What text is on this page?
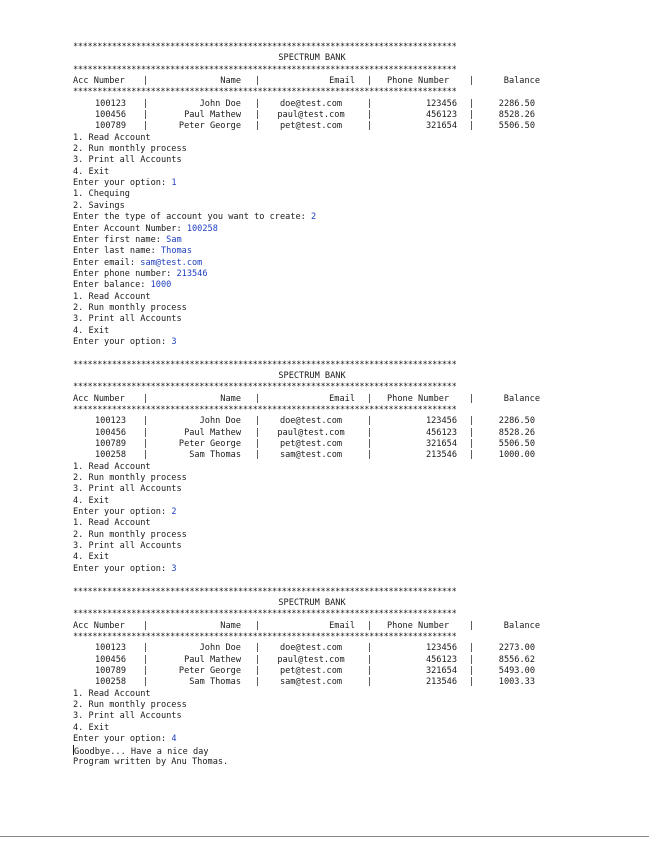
*******************************************************************************
SPECTRUM BANK
*******************************************************************************
Acc Number	|	Name |	Email | Phone Number	|	Balance
*******************************************************************************
100123	|	John Doe |	doe@test.com	|	123456 |	2286.50
100456	|	Paul Mathew |	paul@test.com	|	456123 |	8528.26
100789	|	Peter George |	pet@test.com	|	321654 |	5506.50
1. Read Account
2. Run monthly process
3. Print all Accounts
4. Exit
Enter your option: 1
1. Chequing
2. Savings
Enter the type of account you want to create: 2
Enter Account Number: 100258
Enter first name: Sam
Enter last name: Thomas
Enter email: sam@test.com
Enter phone number: 213546
Enter balance: 1000
1. Read Account
2. Run monthly process
3. Print all Accounts
4. Exit
Enter your option: 3
*******************************************************************************
SPECTRUM BANK
*******************************************************************************
Acc Number	|	Name |	Email | Phone Number	|	Balance
*******************************************************************************
100123	|	John Doe |	doe@test.com	|	123456 |	2286.50
100456	|	Paul Mathew |	paul@test.com	|	456123 |	8528.26
100789	|	Peter George |	pet@test.com	|	321654 |	5506.50
100258	|	Sam Thomas |	sam@test.com	|	213546 |	1000.00
1. Read Account
2. Run monthly process
3. Print all Accounts
4. Exit
Enter your option: 2
1. Read Account
2. Run monthly process
3. Print all Accounts
4. Exit
Enter your option: 3
*******************************************************************************
SPECTRUM BANK
*******************************************************************************
Acc Number	|	Name |	Email | Phone Number	|	Balance
*******************************************************************************
100123	|	John Doe |	doe@test.com	|	123456 |	2273.00
100456	|	Paul Mathew |	paul@test.com	|	456123 |	8556.62
100789	|	Peter George |	pet@test.com	|	321654 |	5493.00
100258	|	Sam Thomas |	sam@test.com	|	213546 |	1003.33
1. Read Account
2. Run monthly process
3. Print all Accounts
4. Exit
Enter your option: 4
Goodbye... Have a nice day
Program written by Anu Thomas.
